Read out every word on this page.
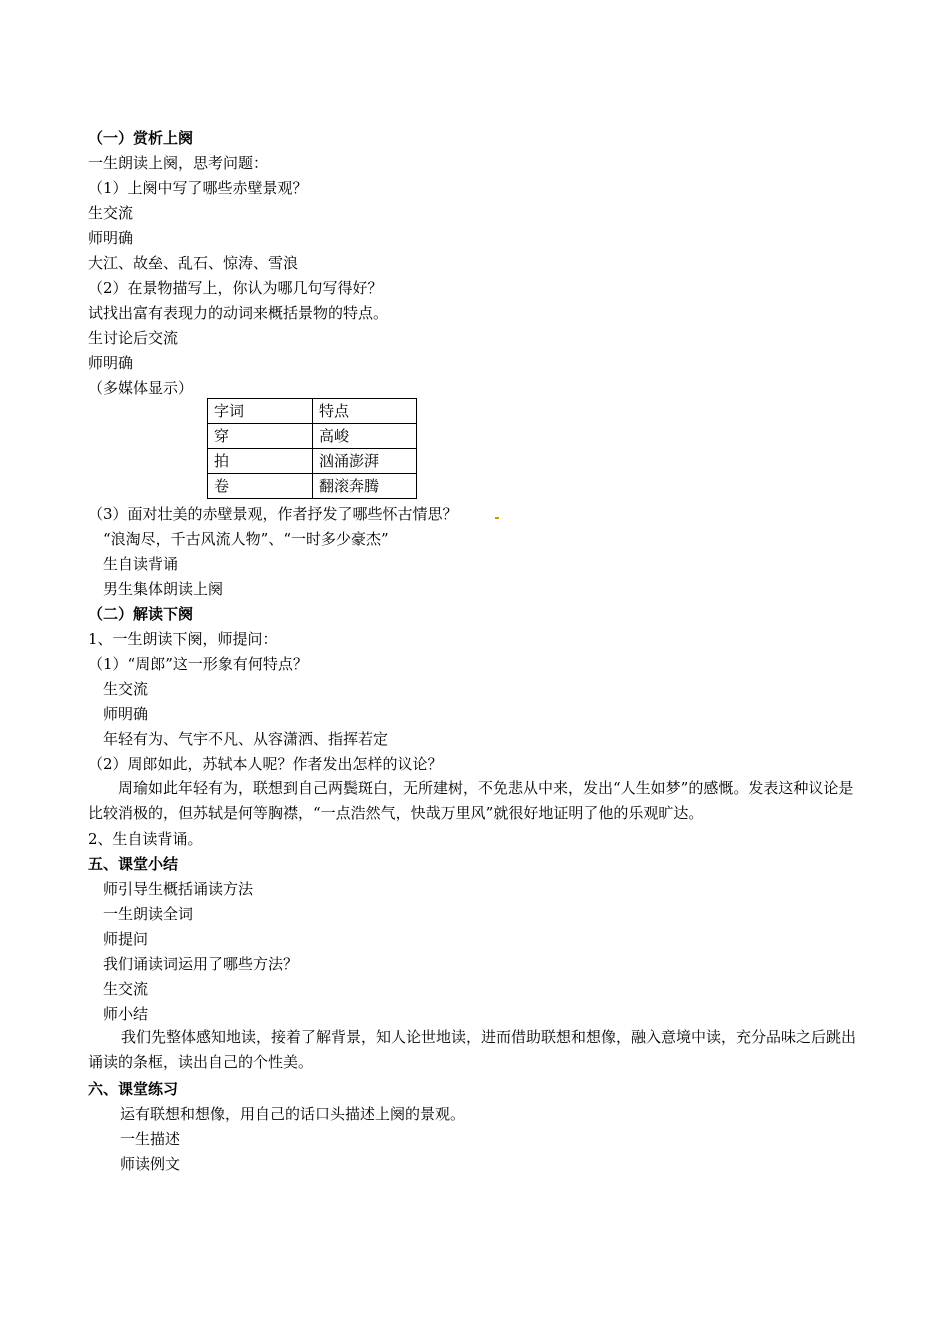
（一）赏析上阕
一生朗读上阕，思考问题：
（1）上阕中写了哪些赤壁景观？
生交流
师明确
大江、故垒、乱石、惊涛、雪浪
（2）在景物描写上，你认为哪几句写得好？
试找出富有表现力的动词来概括景物的特点。
生讨论后交流
师明确
（多媒体显示）
字词	特点
穿	高峻
拍	汹涌澎湃
卷	翻滚奔腾
（3）面对壮美的赤壁景观，作者抒发了哪些怀古情思？
“浪淘尽，千古风流人物”、“一时多少豪杰”
生自读背诵
男生集体朗读上阕
（二）解读下阕
1、一生朗读下阕，师提问：
（1）“周郎”这一形象有何特点？
生交流
师明确
年轻有为、气宇不凡、从容潇洒、指挥若定
（2）周郎如此，苏轼本人呢？作者发出怎样的议论？
周瑜如此年轻有为，联想到自己两鬓斑白，无所建树，不免悲从中来，发出“人生如梦”的感慨。发表这种议论是比较消极的，但苏轼是何等胸襟，“一点浩然气，快哉万里风”就很好地证明了他的乐观旷达。
2、生自读背诵。
五、课堂小结
师引导生概括诵读方法
一生朗读全词
师提问
我们诵读词运用了哪些方法？
生交流
师小结
我们先整体感知地读，接着了解背景，知人论世地读，进而借助联想和想像，融入意境中读，充分品味之后跳出诵读的条框，读出自己的个性美。
六、课堂练习
运有联想和想像，用自己的话口头描述上阕的景观。
一生描述
师读例文
